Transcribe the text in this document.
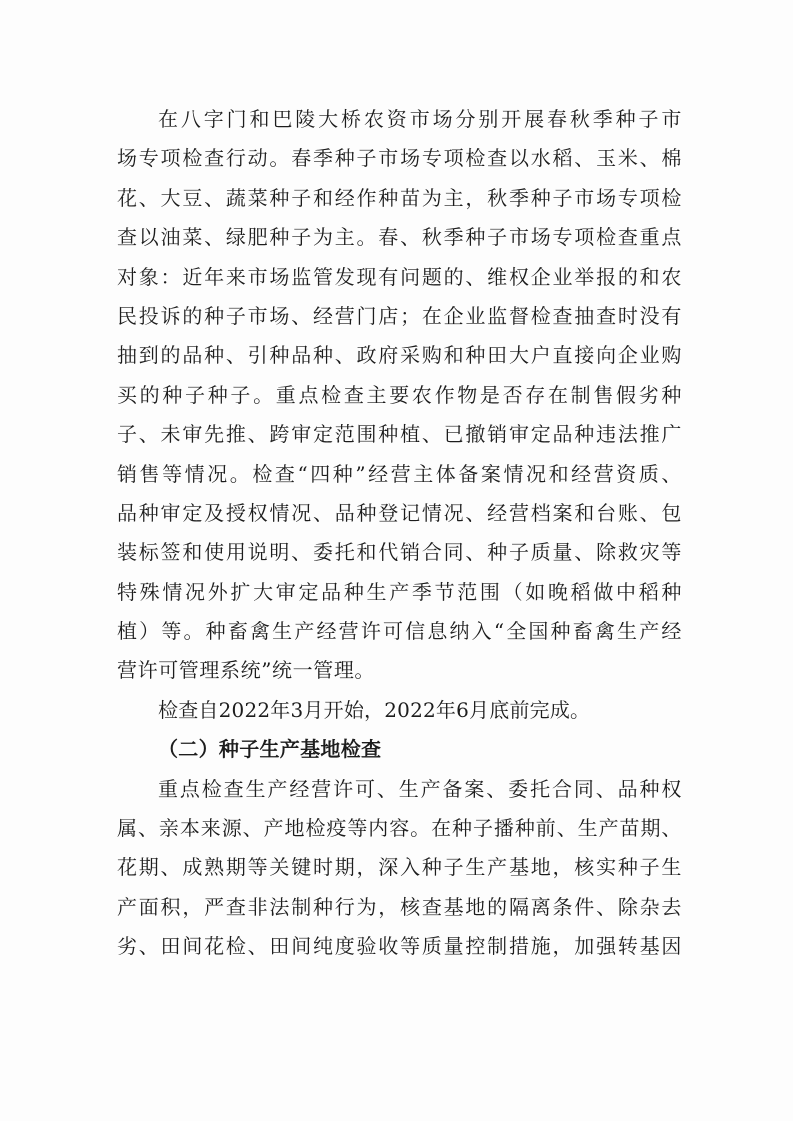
在八字门和巴陵大桥农资市场分别开展春秋季种子市
场专项检查行动。春季种子市场专项检查以水稻、玉米、棉
花、大豆、蔬菜种子和经作种苗为主，秋季种子市场专项检
查以油菜、绿肥种子为主。春、秋季种子市场专项检查重点
对象：近年来市场监管发现有问题的、维权企业举报的和农
民投诉的种子市场、经营门店；在企业监督检查抽查时没有
抽到的品种、引种品种、政府采购和种田大户直接向企业购
买的种子种子。重点检查主要农作物是否存在制售假劣种
子、未审先推、跨审定范围种植、已撤销审定品种违法推广
销售等情况。检查“四种”经营主体备案情况和经营资质、
品种审定及授权情况、品种登记情况、经营档案和台账、包
装标签和使用说明、委托和代销合同、种子质量、除救灾等
特殊情况外扩大审定品种生产季节范围（如晚稻做中稻种
植）等。种畜禽生产经营许可信息纳入“全国种畜禽生产经
营许可管理系统”统一管理。
检查自2022年3月开始，2022年6月底前完成。
（二）种子生产基地检查
重点检查生产经营许可、生产备案、委托合同、品种权
属、亲本来源、产地检疫等内容。在种子播种前、生产苗期、
花期、成熟期等关键时期，深入种子生产基地，核实种子生
产面积，严查非法制种行为，核查基地的隔离条件、除杂去
劣、田间花检、田间纯度验收等质量控制措施，加强转基因
